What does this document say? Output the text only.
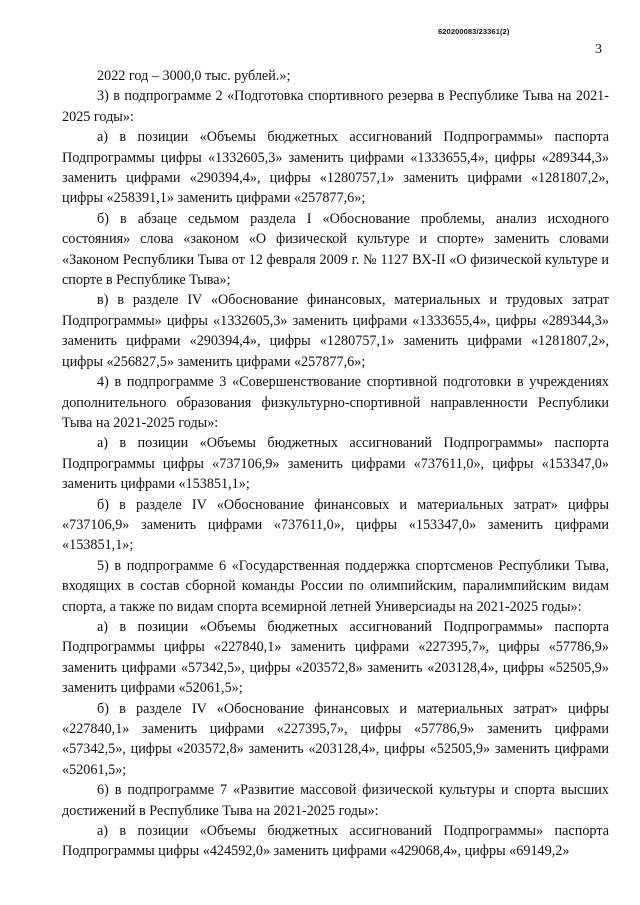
620200083/23361(2)
3

2022 год – 3000,0 тыс. рублей.»;

3) в подпрограмме 2 «Подготовка спортивного резерва в Республике Тыва на 2021-2025 годы»:

а) в позиции «Объемы бюджетных ассигнований Подпрограммы» паспорта Подпрограммы цифры «1332605,3» заменить цифрами «1333655,4», цифры «289344,3» заменить цифрами «290394,4», цифры «1280757,1» заменить цифрами «1281807,2», цифры «258391,1» заменить цифрами «257877,6»;

б) в абзаце седьмом раздела I «Обоснование проблемы, анализ исходного состояния» слова «законом «О физической культуре и спорте» заменить словами «Законом Республики Тыва от 12 февраля 2009 г. № 1127 ВХ-II «О физической культуре и спорте в Республике Тыва»;

в) в разделе IV «Обоснование финансовых, материальных и трудовых затрат Подпрограммы» цифры «1332605,3» заменить цифрами «1333655,4», цифры «289344,3» заменить цифрами «290394,4», цифры «1280757,1» заменить цифрами «1281807,2», цифры «256827,5» заменить цифрами «257877,6»;

4) в подпрограмме 3 «Совершенствование спортивной подготовки в учреждениях дополнительного образования физкультурно-спортивной направленности Республики Тыва на 2021-2025 годы»:

а) в позиции «Объемы бюджетных ассигнований Подпрограммы» паспорта Подпрограммы цифры «737106,9» заменить цифрами «737611,0», цифры «153347,0» заменить цифрами «153851,1»;

б) в разделе IV «Обоснование финансовых и материальных затрат» цифры «737106,9» заменить цифрами «737611,0», цифры «153347,0» заменить цифрами «153851,1»;

5) в подпрограмме 6 «Государственная поддержка спортсменов Республики Тыва, входящих в состав сборной команды России по олимпийским, паралимпийским видам спорта, а также по видам спорта всемирной летней Универсиады на 2021-2025 годы»:

а) в позиции «Объемы бюджетных ассигнований Подпрограммы» паспорта Подпрограммы цифры «227840,1» заменить цифрами «227395,7», цифры «57786,9» заменить цифрами «57342,5», цифры «203572,8» заменить «203128,4», цифры «52505,9» заменить цифрами «52061,5»;

б) в разделе IV «Обоснование финансовых и материальных затрат» цифры «227840,1» заменить цифрами «227395,7», цифры «57786,9» заменить цифрами «57342,5», цифры «203572,8» заменить «203128,4», цифры «52505,9» заменить цифрами «52061,5»;

6) в подпрограмме 7 «Развитие массовой физической культуры и спорта высших достижений в Республике Тыва на 2021-2025 годы»:

а) в позиции «Объемы бюджетных ассигнований Подпрограммы» паспорта Подпрограммы цифры «424592,0» заменить цифрами «429068,4», цифры «69149,2»
